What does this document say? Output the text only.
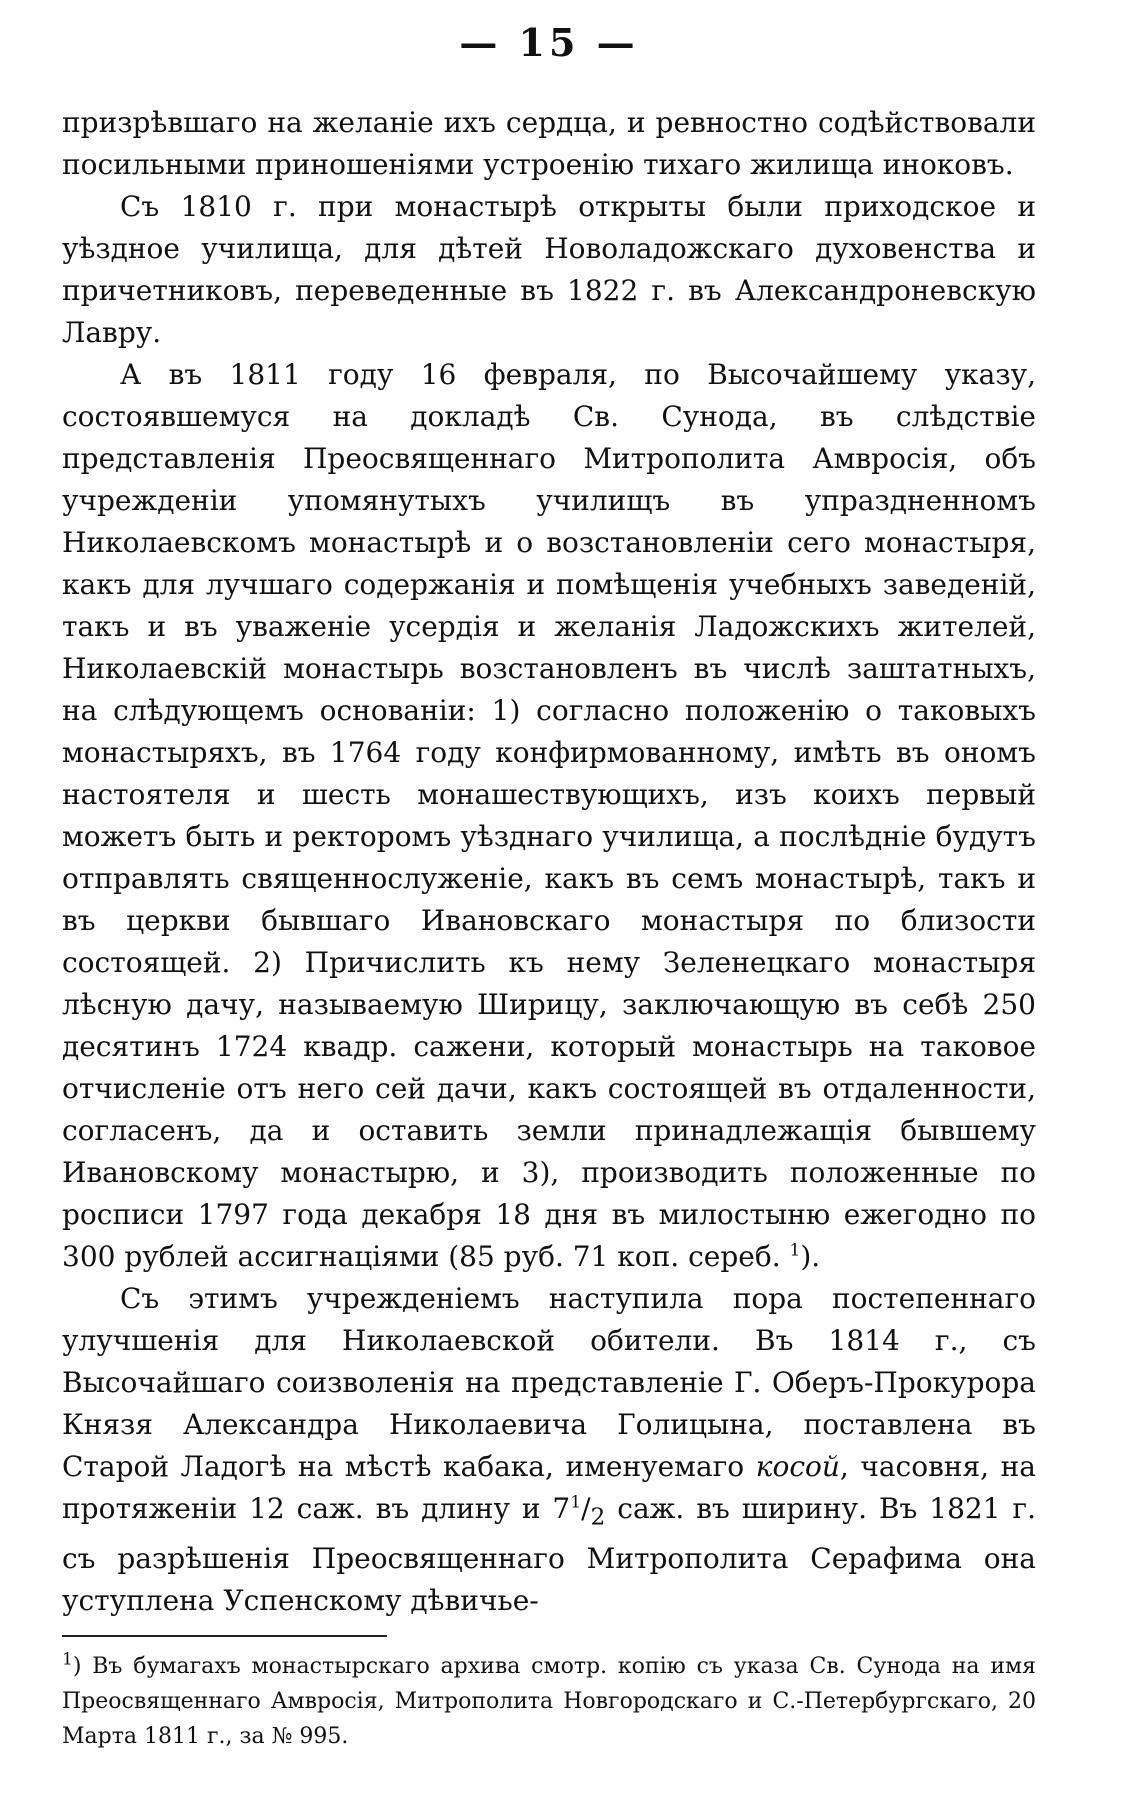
— 15 —

призрѣвшаго на желаніе ихъ сердца, и ревностно содѣйствовали посильными приношеніями устроенію тихаго жилища иноковъ.

Съ 1810 г. при монастырѣ открыты были приходское и уѣздное училища, для дѣтей Новоладожскаго духовенства и причетниковъ, переведенные въ 1822 г. въ Александроневскую Лавру.

А въ 1811 году 16 февраля, по Высочайшему указу, состоявшемуся на докладѣ Св. Сунода, въ слѣдствіе представленія Преосвященнаго Митрополита Амвросія, объ учрежденіи упомянутыхъ училищъ въ упраздненномъ Николаевскомъ монастырѣ и о возстановленіи сего монастыря, какъ для лучшаго содержанія и помѣщенія учебныхъ заведеній, такъ и въ уваженіе усердія и желанія Ладожскихъ жителей, Николаевскій монастырь возстановленъ въ числѣ заштатныхъ, на слѣдующемъ основаніи: 1) согласно положенію о таковыхъ монастыряхъ, въ 1764 году конфирмованному, имѣть въ ономъ настоятеля и шесть монашествующихъ, изъ коихъ первый можетъ быть и ректоромъ уѣзднаго училища, а послѣдніе будутъ отправлять священнослуженіе, какъ въ семъ монастырѣ, такъ и въ церкви бывшаго Ивановскаго монастыря по близости состоящей. 2) Причислить къ нему Зеленецкаго монастыря лѣсную дачу, называемую Ширицу, заключающую въ себѣ 250 десятинъ 1724 квадр. сажени, который монастырь на таковое отчисленіе отъ него сей дачи, какъ состоящей въ отдаленности, согласенъ, да и оставить земли принадлежащія бывшему Ивановскому монастырю, и 3), производить положенные по росписи 1797 года декабря 18 дня въ милостыню ежегодно по 300 рублей ассигнаціями (85 руб. 71 коп. сереб. $^1$).

Съ этимъ учрежденіемъ наступила пора постепеннаго улучшенія для Николаевской обители. Въ 1814 г., съ Высочайшаго соизволенія на представленіе Г. Оберъ-Прокурора Князя Александра Николаевича Голицына, поставлена въ Старой Ладогѣ на мѣстѣ кабака, именуемаго косой, часовня, на протяженіи 12 саж. въ длину и $7^1/_2$ саж. въ ширину. Въ 1821 г. съ разрѣшенія Преосвященнаго Митрополита Серафима она уступлена Успенскому дѣвичье-

$^1$) Въ бумагахъ монастырскаго архива смотр. копію съ указа Св. Сунода на имя Преосвященнаго Амвросія, Митрополита Новгородскаго и С.-Петербургскаго, 20 Марта 1811 г., за № 995.
